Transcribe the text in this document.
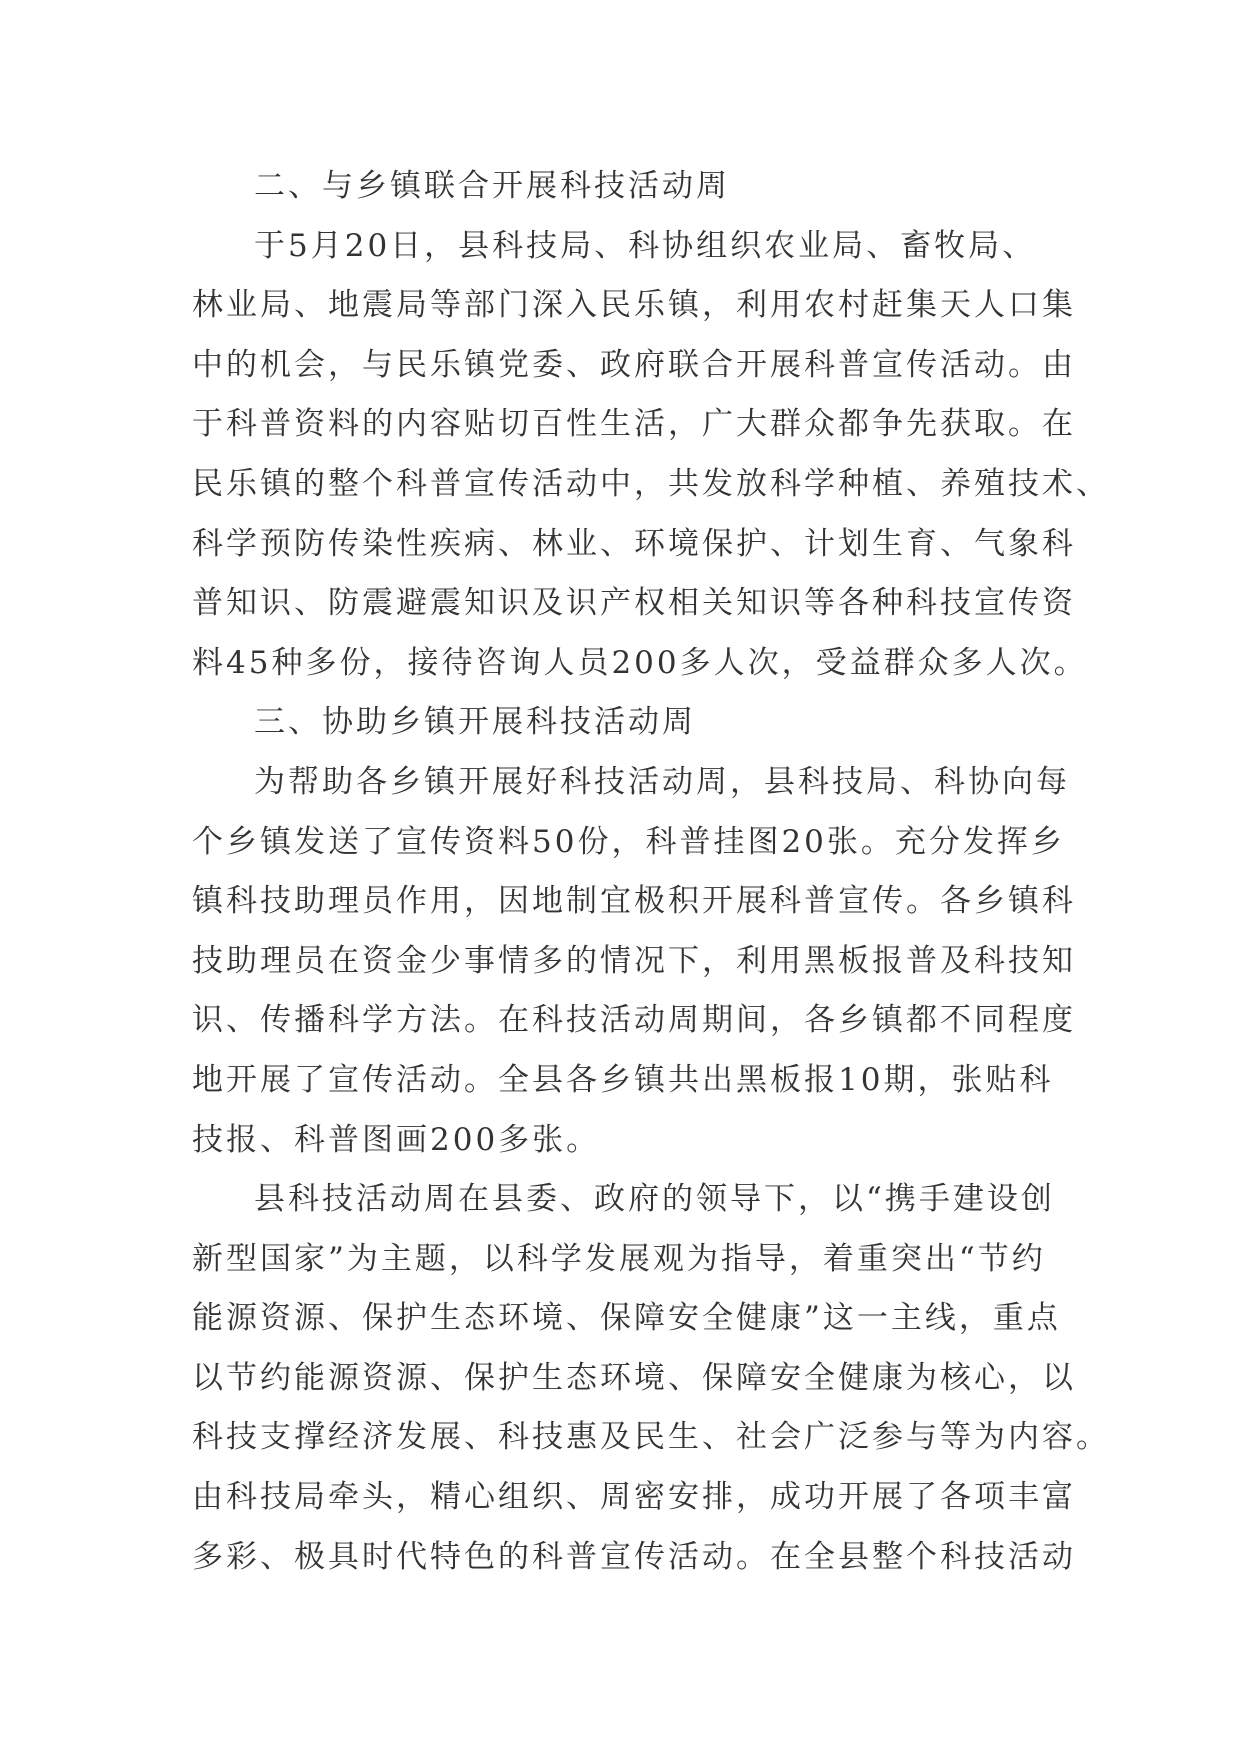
二、与乡镇联合开展科技活动周
于5月20日，县科技局、科协组织农业局、畜牧局、
林业局、地震局等部门深入民乐镇，利用农村赶集天人口集
中的机会，与民乐镇党委、政府联合开展科普宣传活动。由
于科普资料的内容贴切百性生活，广大群众都争先获取。在
民乐镇的整个科普宣传活动中，共发放科学种植、养殖技术、
科学预防传染性疾病、林业、环境保护、计划生育、气象科
普知识、防震避震知识及识产权相关知识等各种科技宣传资
料45种多份，接待咨询人员200多人次，受益群众多人次。
三、协助乡镇开展科技活动周
为帮助各乡镇开展好科技活动周，县科技局、科协向每
个乡镇发送了宣传资料50份，科普挂图20张。充分发挥乡
镇科技助理员作用，因地制宜极积开展科普宣传。各乡镇科
技助理员在资金少事情多的情况下，利用黑板报普及科技知
识、传播科学方法。在科技活动周期间，各乡镇都不同程度
地开展了宣传活动。全县各乡镇共出黑板报10期，张贴科
技报、科普图画200多张。
县科技活动周在县委、政府的领导下，以“携手建设创
新型国家”为主题，以科学发展观为指导，着重突出“节约
能源资源、保护生态环境、保障安全健康”这一主线，重点
以节约能源资源、保护生态环境、保障安全健康为核心，以
科技支撑经济发展、科技惠及民生、社会广泛参与等为内容。
由科技局牵头，精心组织、周密安排，成功开展了各项丰富
多彩、极具时代特色的科普宣传活动。在全县整个科技活动
